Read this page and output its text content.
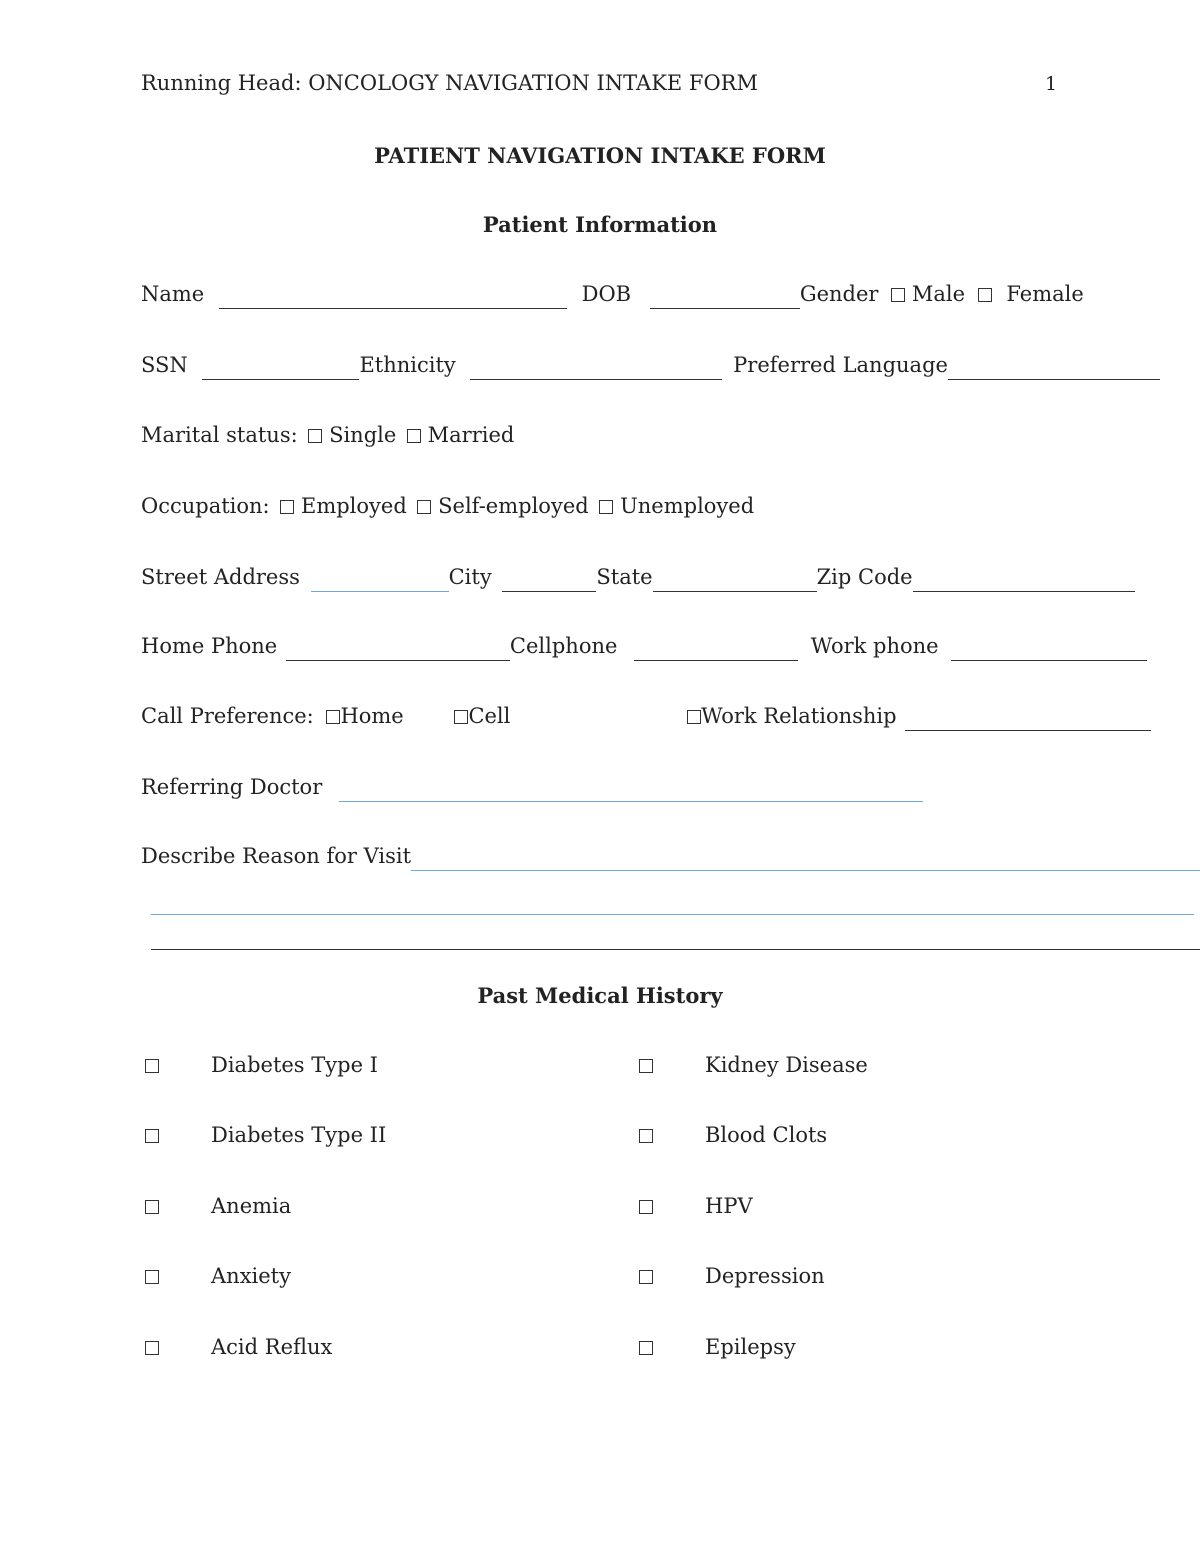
Running Head: ONCOLOGY NAVIGATION INTAKE FORM	1
PATIENT NAVIGATION INTAKE FORM
Patient Information
Name	DOB	Gender Male Female
SSN	Ethnicity	Preferred Language
Marital status: Single Married
Occupation: Employed Self-employed Unemployed
Street Address	City	State	Zip Code
Home Phone	Cellphone	Work phone
Call Preference: Home	Cell	Work Relationship
Referring Doctor
Describe Reason for Visit
Past Medical History
Diabetes Type I
Diabetes Type II
Anemia
Anxiety
Acid Reflux
Kidney Disease
Blood Clots
HPV
Depression
Epilepsy
